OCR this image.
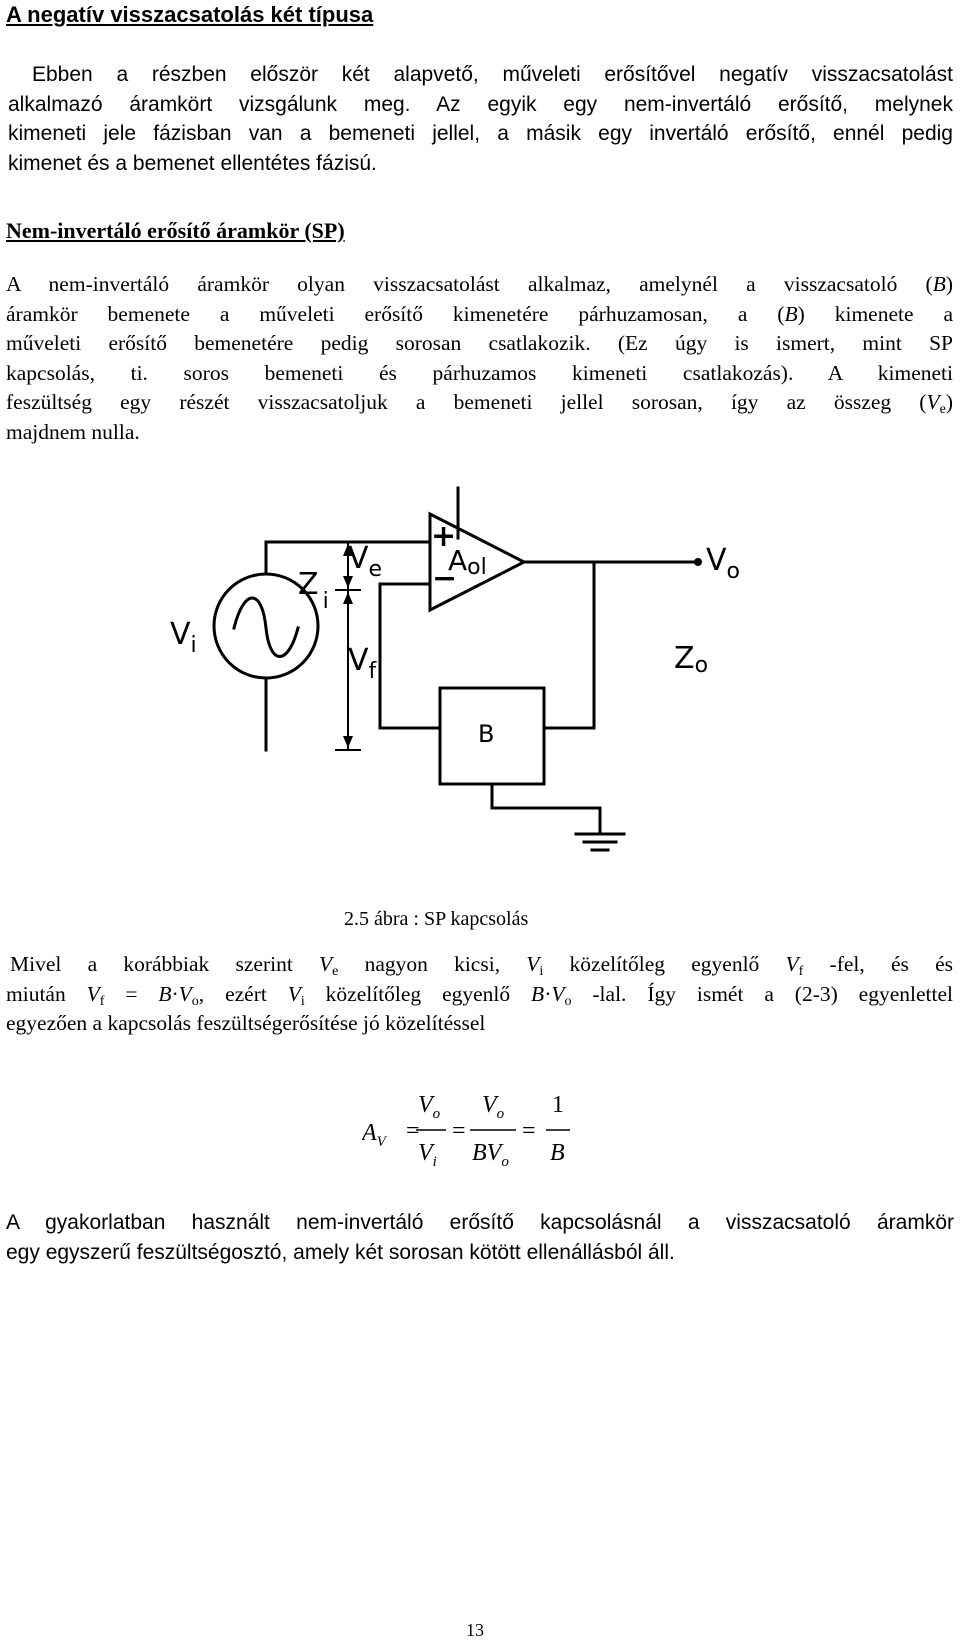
A negatív visszacsatolás két típusa
Ebben a részben először két alapvető, műveleti erősítővel negatív visszacsatolást
alkalmazó áramkört vizsgálunk meg. Az egyik egy nem-invertáló erősítő, melynek
kimeneti jele fázisban van a bemeneti jellel, a másik egy invertáló erősítő, ennél pedig
kimenet és a bemenet ellentétes fázisú.
Nem-invertáló erősítő áramkör (SP)
A nem-invertáló áramkör olyan visszacsatolást alkalmaz, amelynél a visszacsatoló (B)
áramkör bemenete a műveleti erősítő kimenetére párhuzamosan, a (B) kimenete a
műveleti erősítő bemenetére pedig sorosan csatlakozik. (Ez úgy is ismert, mint SP
kapcsolás, ti. soros bemeneti és párhuzamos kimeneti csatlakozás). A kimeneti
feszültség egy részét visszacsatoljuk a bemeneti jellel sorosan, így az összeg $(V_e)$
majdnem nulla.
$V_i$
Z $_i$
$V_e$
$V_f$
+
−
Aol	$V_o$
Zo
B

2.5 ábra : SP kapcsolás

Mivel a korábbiak szerint $V_e$ nagyon kicsi, $V_i$ közelítőleg egyenlő $V_f$ -fel, és és
miután $V_f = B\cdot V_o$, ezért $V_i$ közelítőleg egyenlő $B\cdot V_o$ -lal. Így ismét a (2-3) egyenlettel
egyezően a kapcsolás feszültségerősítése jó közelítéssel
$A_V$ =
$V_o$
$V_i$
=
$V_o$
$BV_o$
=
1
B
A gyakorlatban használt nem-invertáló erősítő kapcsolásnál a visszacsatoló áramkör
egy egyszerű feszültségosztó, amely két sorosan kötött ellenállásból áll.

13
